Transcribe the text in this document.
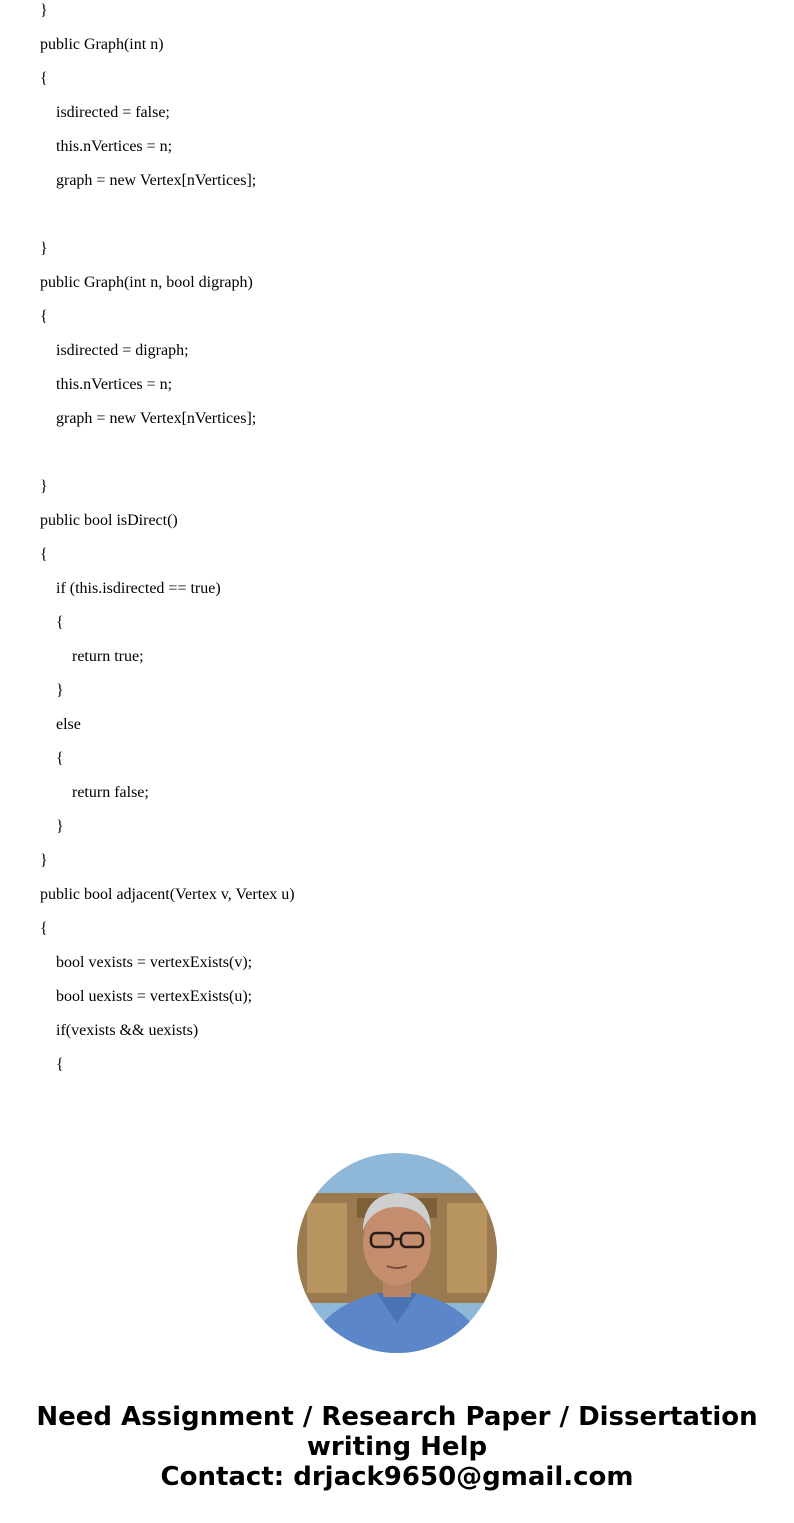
}
public Graph(int n)
{
isdirected = false;
this.nVertices = n;
graph = new Vertex[nVertices];
}
public Graph(int n, bool digraph)
{
isdirected = digraph;
this.nVertices = n;
graph = new Vertex[nVertices];
}
public bool isDirect()
{
if (this.isdirected == true)
{
return true;
}
else
{
return false;
}
}
public bool adjacent(Vertex v, Vertex u)
{
bool vexists = vertexExists(v);
bool uexists = vertexExists(u);
if(vexists && uexists)
{
Need Assignment / Research Paper / Dissertation
writing Help
Contact: drjack9650@gmail.com
